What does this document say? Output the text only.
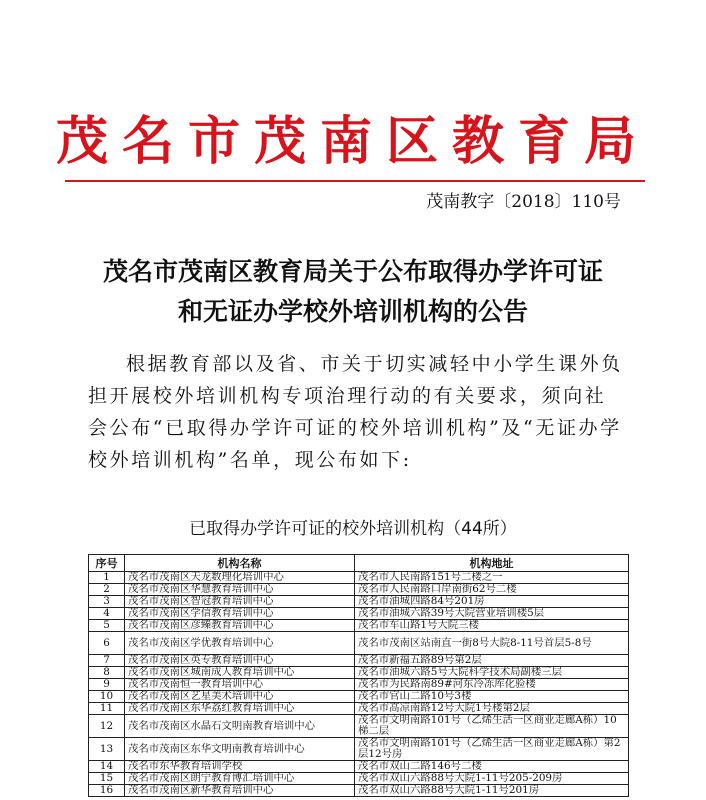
茂名市茂南区教育局
茂南教字〔2018〕110号
茂名市茂南区教育局关于公布取得办学许可证
和无证办学校外培训机构的公告
根据教育部以及省、市关于切实减轻中小学生课外负担开展校外培训机构专项治理行动的有关要求，须向社会公布“已取得办学许可证的校外培训机构”及“无证办学校外培训机构”名单，现公布如下:
已取得办学许可证的校外培训机构（44所）
序号	机构名称	机构地址
1	茂名市茂南区天龙数理化培训中心	茂名市人民南路151号二楼之一
2	茂名市茂南区华慧教育培训中心	茂名市人民南路口岸南街62号二楼
3	茂名市茂南区智冠教育培训中心	茂名市油城四路84号201房
4	茂名市茂南区学信教育培训中心	茂名市油城六路39号大院营业培训楼5层
5	茂名市茂南区彦臻教育培训中心	茂名市车山路1号大院三楼
6	茂名市茂南区学优教育培训中心	茂名市茂南区站南直一街8号大院8-11号首层5-8号
7	茂名市茂南区英专教育培训中心	茂名市新福五路89号第2层
8	茂名市茂南区城南成人教育培训中心	茂名市油城六路5号大院科学技术局副楼三层
9	茂名市茂南恒一教育培训中心	茂名市为民路南89#河东冷冻库化验楼
10	茂名市茂南区艺星美术培训中心	茂名市官山二路10号3楼
11	茂名市茂南区东华荔红教育培训中心	茂名市高凉南路12号大院1号楼第2层
12	茂名市茂南区水晶石文明南教育培训中心	茂名市文明南路101号（乙烯生活一区商业走廊A栋）10梯二层
13	茂名市茂南区东华文明南教育培训中心	茂名市文明南路101号（乙烯生活一区商业走廊A栋）第2层12号房
14	茂名市东华教育培训学校	茂名市双山二路146号二楼
15	茂名市茂南区朗宁教育博汇培训中心	茂名市双山六路88号大院1-11号205-209房
16	茂名市茂南区新华教育培训中心	茂名市双山六路88号大院1-11号201房
